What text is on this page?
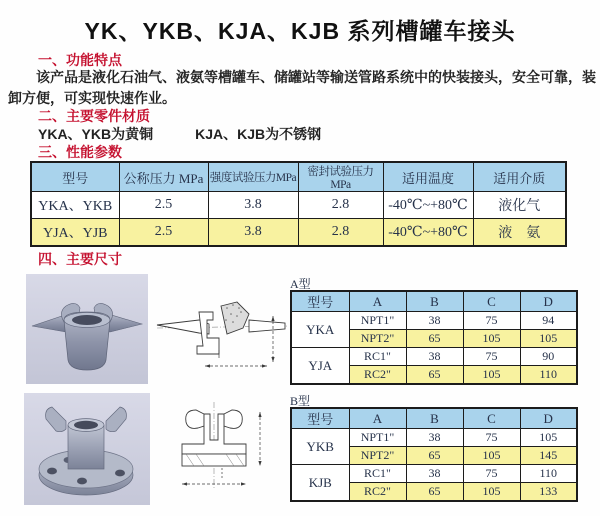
YK、YKB、KJA、KJB 系列槽罐车接头
一、功能特点
该产品是液化石油气、液氨等槽罐车、储罐站等输送管路系统中的快装接头，安全可靠，装卸方便，可实现快速作业。
二、主要零件材质
YKA、YKB为黄铜　　　KJA、KJB为不锈钢
三、性能参数
型号	公称压力 MPa	强度试验压力MPa	密封试验压力MPa	适用温度	适用介质
YKA、YKB	2.5	3.8	2.8	-40℃~+80℃	液化气
YJA、YJB	2.5	3.8	2.8	-40℃~+80℃	液　氨
四、主要尺寸
A型
型号	A	B	C	D
YKA	NPT1"	38	75	94
	NPT2"	65	105	105
YJA	RC1"	38	75	90
	RC2"	65	105	110
B型
型号	A	B	C	D
YKB	NPT1"	38	75	105
	NPT2"	65	105	145
KJB	RC1"	38	75	110
	RC2"	65	105	133
